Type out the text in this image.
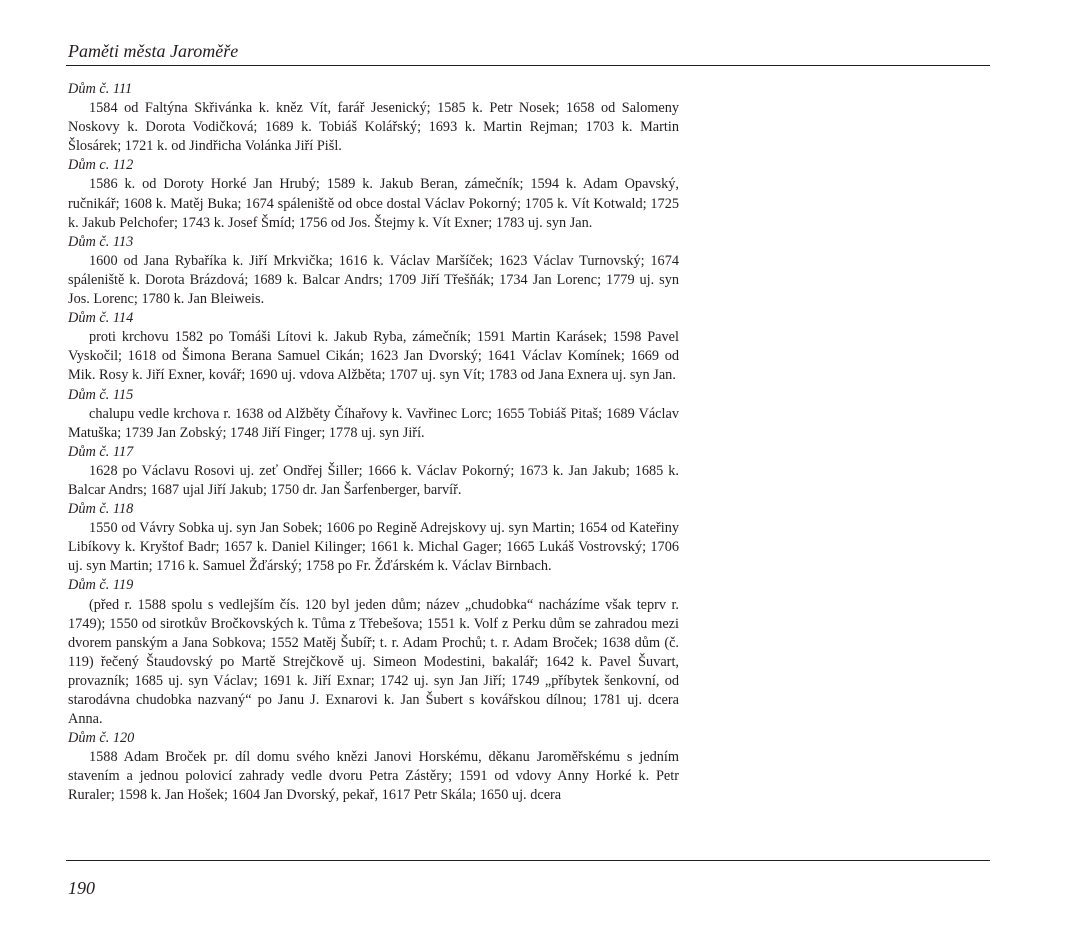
Paměti města Jaroměře
Dům č. 111
1584 od Faltýna Skřivánka k. kněz Vít, farář Jesenický; 1585 k. Petr Nosek; 1658 od Salomeny Noskovy k. Dorota Vodičková; 1689 k. Tobiáš Kolářský; 1693 k. Martin Rejman; 1703 k. Martin Šlosárek; 1721 k. od Jindřicha Volánka Jiří Pišl.
Dům c. 112
1586 k. od Doroty Horké Jan Hrubý; 1589 k. Jakub Beran, zámečník; 1594 k. Adam Opavský, ručnikář; 1608 k. Matěj Buka; 1674 spáleniště od obce dostal Václav Pokorný; 1705 k. Vít Kotwald; 1725 k. Jakub Pelchofer; 1743 k. Josef Šmíd; 1756 od Jos. Štejmy k. Vít Exner; 1783 uj. syn Jan.
Dům č. 113
1600 od Jana Rybaříka k. Jiří Mrkvička; 1616 k. Václav Maršíček; 1623 Václav Turnovský; 1674 spáleniště k. Dorota Brázdová; 1689 k. Balcar Andrs; 1709 Jiří Třešňák; 1734 Jan Lorenc; 1779 uj. syn Jos. Lorenc; 1780 k. Jan Bleiweis.
Dům č. 114
proti krchovu 1582 po Tomáši Lítovi k. Jakub Ryba, zámečník; 1591 Martin Karásek; 1598 Pavel Vyskočil; 1618 od Šimona Berana Samuel Cikán; 1623 Jan Dvorský; 1641 Václav Komínek; 1669 od Mik. Rosy k. Jiří Exner, kovář; 1690 uj. vdova Alžběta; 1707 uj. syn Vít; 1783 od Jana Exnera uj. syn Jan.
Dům č. 115
chalupu vedle krchova r. 1638 od Alžběty Číhařovy k. Vavřinec Lorc; 1655 Tobiáš Pitaš; 1689 Václav Matuška; 1739 Jan Zobský; 1748 Jiří Finger; 1778 uj. syn Jiří.
Dům č. 117
1628 po Václavu Rosovi uj. zeť Ondřej Šiller; 1666 k. Václav Pokorný; 1673 k. Jan Jakub; 1685 k. Balcar Andrs; 1687 ujal Jiří Jakub; 1750 dr. Jan Šarfenberger, barvíř.
Dům č. 118
1550 od Vávry Sobka uj. syn Jan Sobek; 1606 po Regině Adrejskovy uj. syn Martin; 1654 od Kateřiny Libíkovy k. Kryštof Badr; 1657 k. Daniel Kilinger; 1661 k. Michal Gager; 1665 Lukáš Vostrovský; 1706 uj. syn Martin; 1716 k. Samuel Žďárský; 1758 po Fr. Žďárském k. Václav Birnbach.
Dům č. 119
(před r. 1588 spolu s vedlejším čís. 120 byl jeden dům; název „chudobka“ nacházíme však teprv r. 1749); 1550 od sirotkův Bročkovských k. Tůma z Třebešova; 1551 k. Volf z Perku dům se zahradou mezi dvorem panským a Jana Sobkova; 1552 Matěj Šubíř; t. r. Adam Prochů; t. r. Adam Broček; 1638 dům (č. 119) řečený Štaudovský po Martě Strejčkově uj. Simeon Modestini, bakalář; 1642 k. Pavel Šuvart, provazník; 1685 uj. syn Václav; 1691 k. Jiří Exnar; 1742 uj. syn Jan Jiří; 1749 „příbytek šenkovní, od starodávna chudobka nazvaný“ po Janu J. Exnarovi k. Jan Šubert s kovářskou dílnou; 1781 uj. dcera Anna.
Dům č. 120
1588 Adam Broček pr. díl domu svého knězi Janovi Horskému, děkanu Jaroměřskému s jedním stavením a jednou polovicí zahrady vedle dvoru Petra Zástěry; 1591 od vdovy Anny Horké k. Petr Ruraler; 1598 k. Jan Hošek; 1604 Jan Dvorský, pekař, 1617 Petr Skála; 1650 uj. dcera
190
